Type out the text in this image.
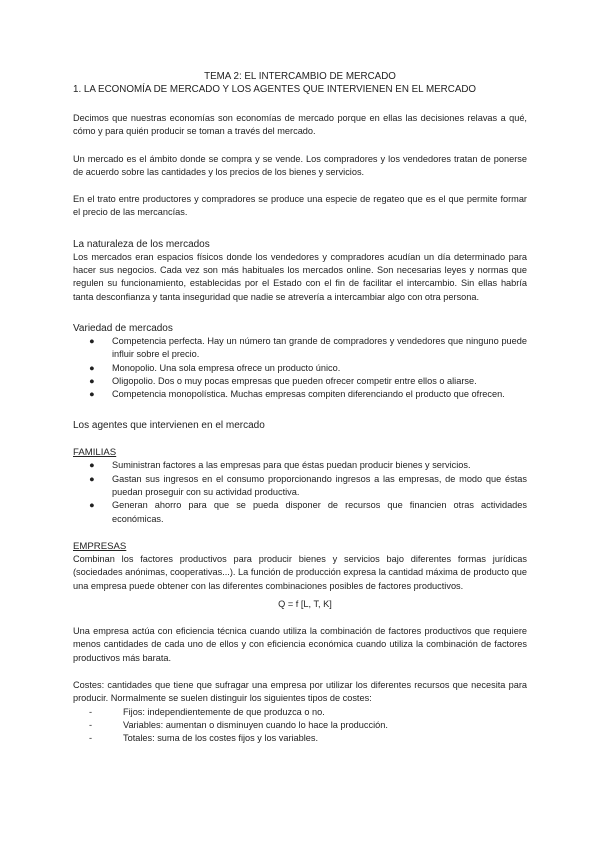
TEMA 2: EL INTERCAMBIO DE MERCADO

1. LA ECONOMÍA DE MERCADO Y LOS AGENTES QUE INTERVIENEN EN EL MERCADO

Decimos que nuestras economías son economías de mercado porque en ellas las decisiones relavas a qué, cómo y para quién producir se toman a través del mercado.

Un mercado es el ámbito donde se compra y se vende. Los compradores y los vendedores tratan de ponerse de acuerdo sobre las cantidades y los precios de los bienes y servicios.

En el trato entre productores y compradores se produce una especie de regateo que es el que permite formar el precio de las mercancías.

La naturaleza de los mercados

Los mercados eran espacios físicos donde los vendedores y compradores acudían un día determinado para hacer sus negocios. Cada vez son más habituales los mercados online. Son necesarias leyes y normas que regulen su funcionamiento, establecidas por el Estado con el fin de facilitar el intercambio. Sin ellas habría tanta desconfianza y tanta inseguridad que nadie se atrevería a intercambiar algo con otra persona.

Variedad de mercados
● Competencia perfecta. Hay un número tan grande de compradores y vendedores que ninguno puede influir sobre el precio.
● Monopolio. Una sola empresa ofrece un producto único.
● Oligopolio. Dos o muy pocas empresas que pueden ofrecer competir entre ellos o aliarse.
● Competencia monopolística. Muchas empresas compiten diferenciando el producto que ofrecen.
Los agentes que intervienen en el mercado

FAMILIAS

● Suministran factores a las empresas para que éstas puedan producir bienes y servicios.
● Gastan sus ingresos en el consumo proporcionando ingresos a las empresas, de modo que éstas puedan proseguir con su actividad productiva.
● Generan ahorro para que se pueda disponer de recursos que financien otras actividades económicas.

EMPRESAS

Combinan los factores productivos para producir bienes y servicios bajo diferentes formas jurídicas (sociedades anónimas, cooperativas...). La función de producción expresa la cantidad máxima de producto que una empresa puede obtener con las diferentes combinaciones posibles de factores productivos.

Q = f [L, T, K]

Una empresa actúa con eficiencia técnica cuando utiliza la combinación de factores productivos que requiere menos cantidades de cada uno de ellos y con eficiencia económica cuando utiliza la combinación de factores productivos más barata.

Costes: cantidades que tiene que sufragar una empresa por utilizar los diferentes recursos que necesita para producir. Normalmente se suelen distinguir los siguientes tipos de costes:

-	Fijos: independientemente de que produzca o no.
-	Variables: aumentan o disminuyen cuando lo hace la producción.
-	Totales: suma de los costes fijos y los variables.
